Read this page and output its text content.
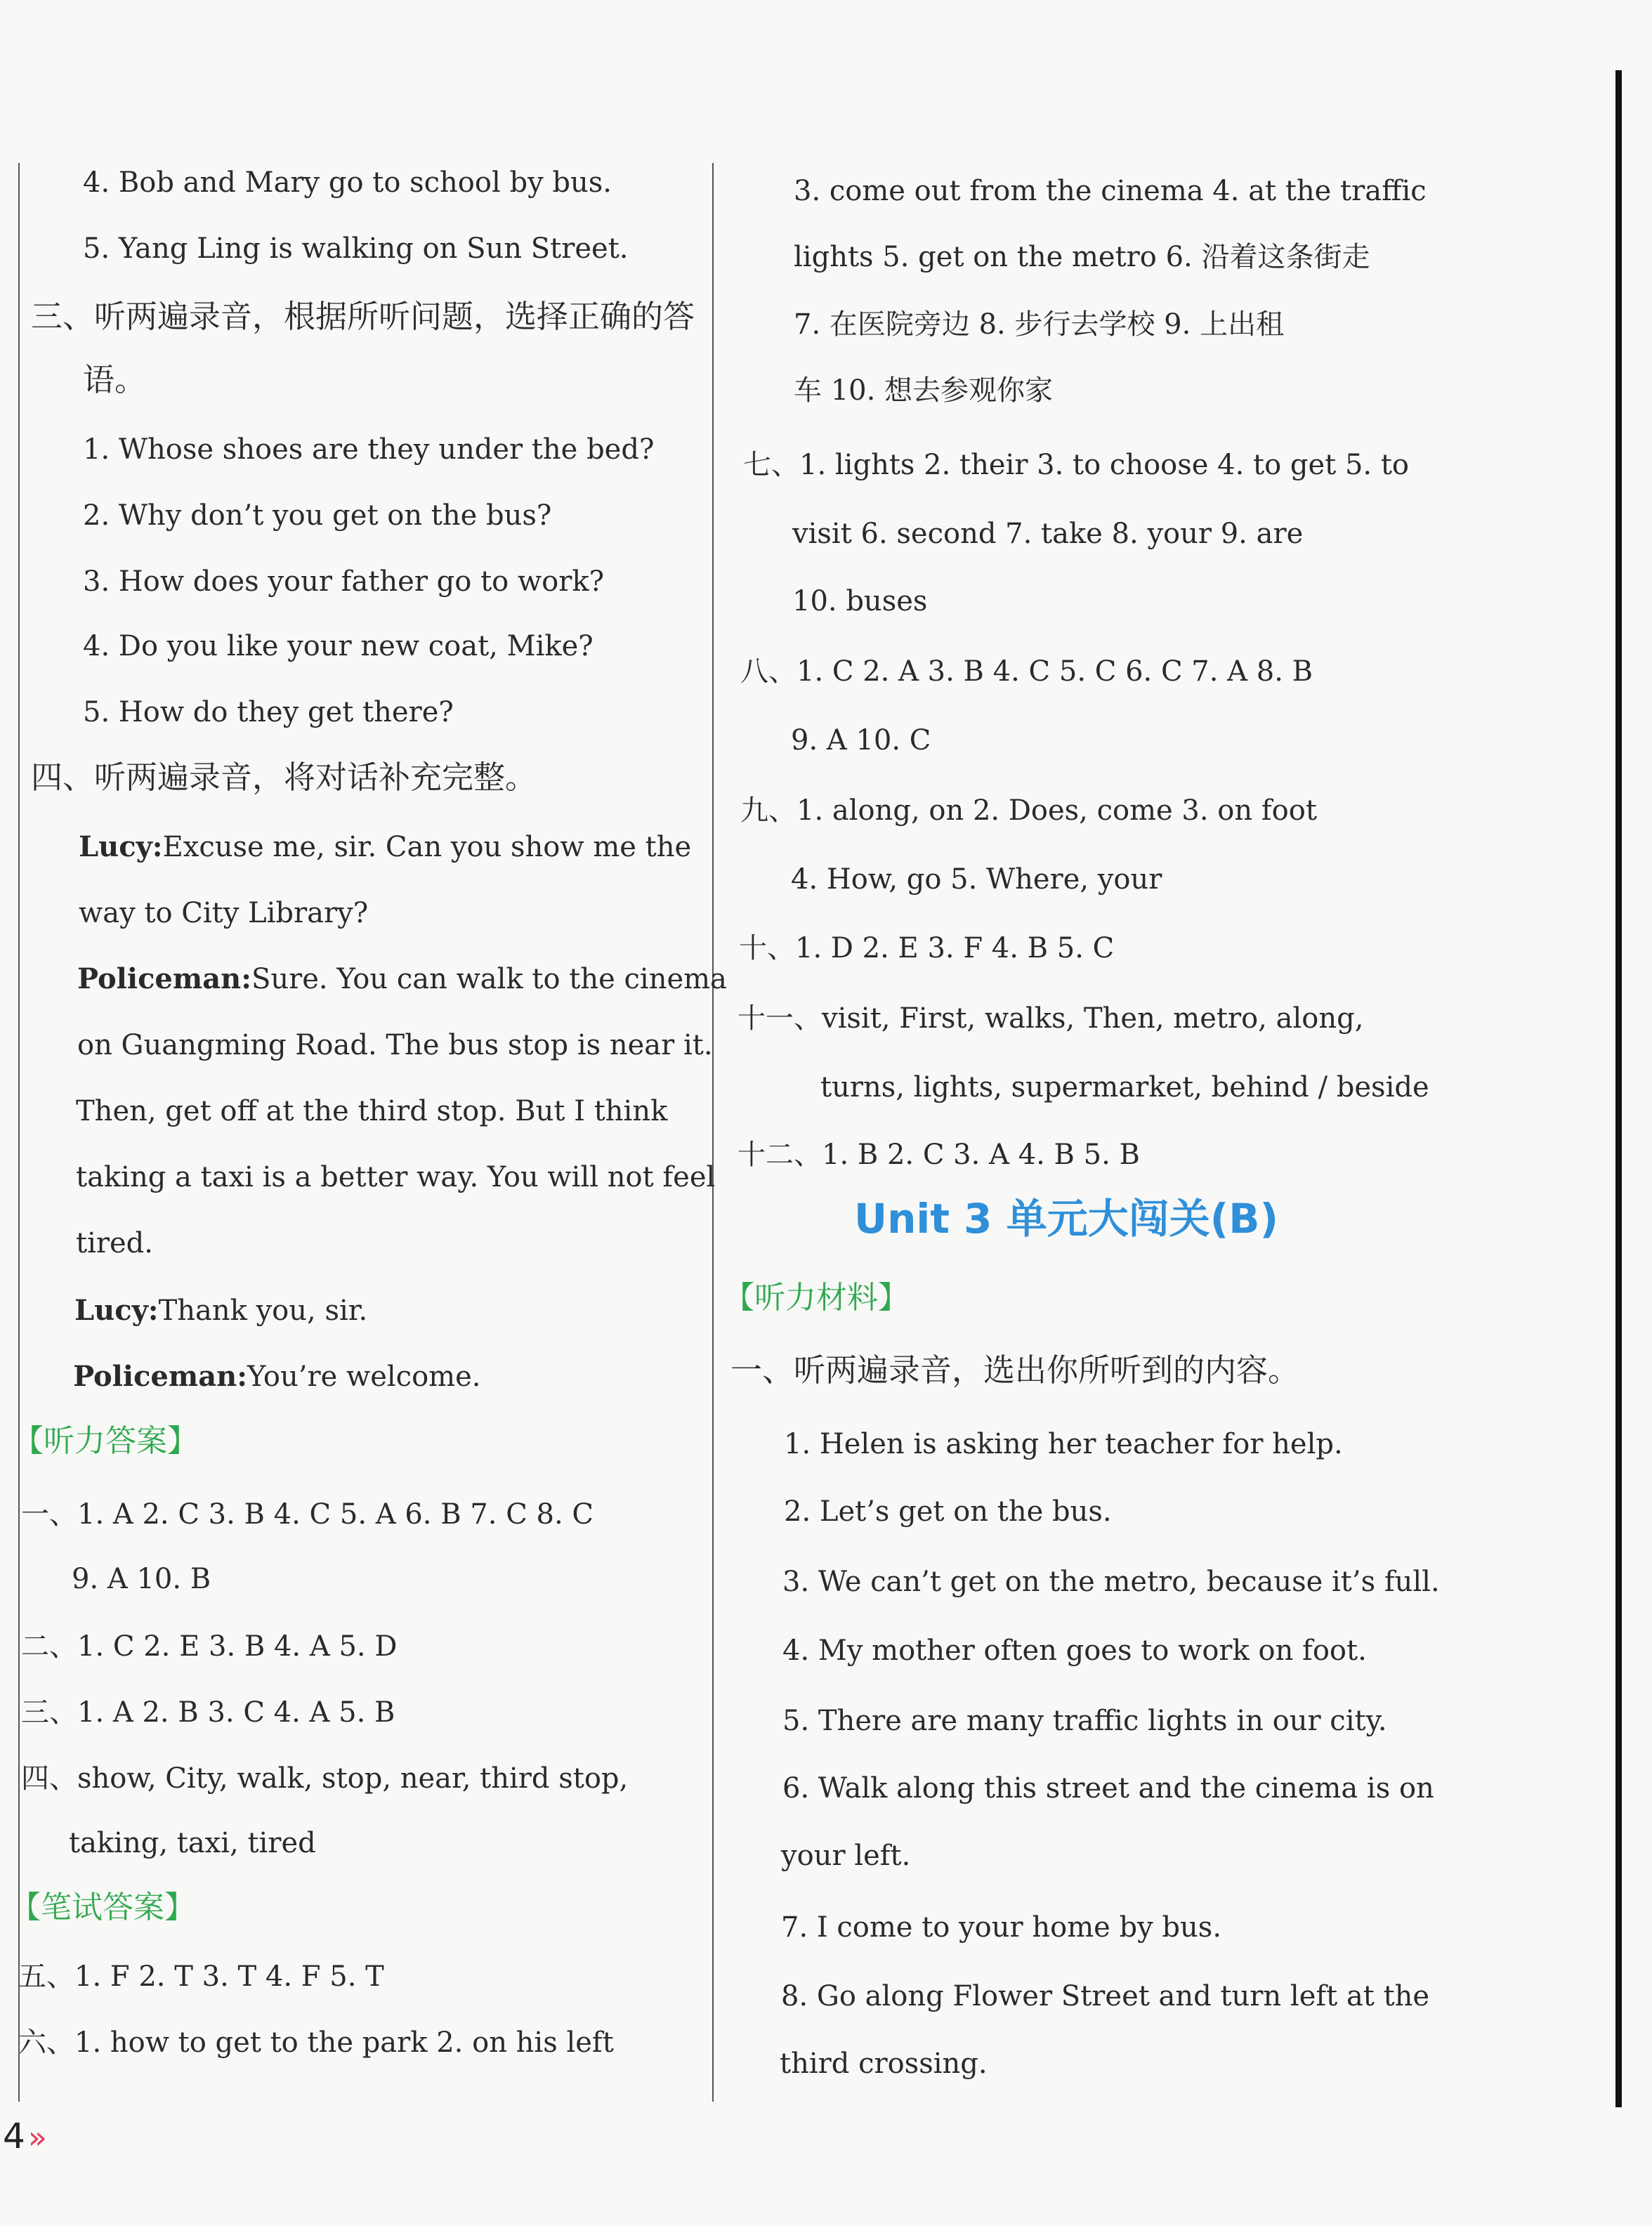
4. Bob and Mary go to school by bus.
5. Yang Ling is walking on Sun Street.
三、听两遍录音，根据所听问题，选择正确的答
语。
1. Whose shoes are they under the bed?
2. Why don’t you get on the bus?
3. How does your father go to work?
4. Do you like your new coat, Mike?
5. How do they get there?
四、听两遍录音，将对话补充完整。
Lucy:Excuse me, sir. Can you show me the
way to City Library?
Policeman:Sure. You can walk to the cinema
on Guangming Road. The bus stop is near it.
Then, get off at the third stop. But I think
taking a taxi is a better way. You will not feel
tired.
Lucy:Thank you, sir.
Policeman:You’re welcome.
【听力答案】
一、1. A 2. C 3. B 4. C 5. A 6. B 7. C 8. C
9. A 10. B
二、1. C 2. E 3. B 4. A 5. D
三、1. A 2. B 3. C 4. A 5. B
四、show, City, walk, stop, near, third stop,
taking, taxi, tired
【笔试答案】
五、1. F 2. T 3. T 4. F 5. T
六、1. how to get to the park 2. on his left
3. come out from the cinema 4. at the traffic
lights 5. get on the metro 6. 沿着这条街走
7. 在医院旁边 8. 步行去学校 9. 上出租
车 10. 想去参观你家
七、1. lights 2. their 3. to choose 4. to get 5. to
visit 6. second 7. take 8. your 9. are
10. buses
八、1. C 2. A 3. B 4. C 5. C 6. C 7. A 8. B
9. A 10. C
九、1. along, on 2. Does, come 3. on foot
4. How, go 5. Where, your
十、1. D 2. E 3. F 4. B 5. C
十一、visit, First, walks, Then, metro, along,
turns, lights, supermarket, behind / beside
十二、1. B 2. C 3. A 4. B 5. B
Unit 3 单元大闯关(B)
【听力材料】
一、听两遍录音，选出你所听到的内容。
1. Helen is asking her teacher for help.
2. Let’s get on the bus.
3. We can’t get on the metro, because it’s full.
4. My mother often goes to work on foot.
5. There are many traffic lights in our city.
6. Walk along this street and the cinema is on
your left.
7. I come to your home by bus.
8. Go along Flower Street and turn left at the
third crossing.
4»
